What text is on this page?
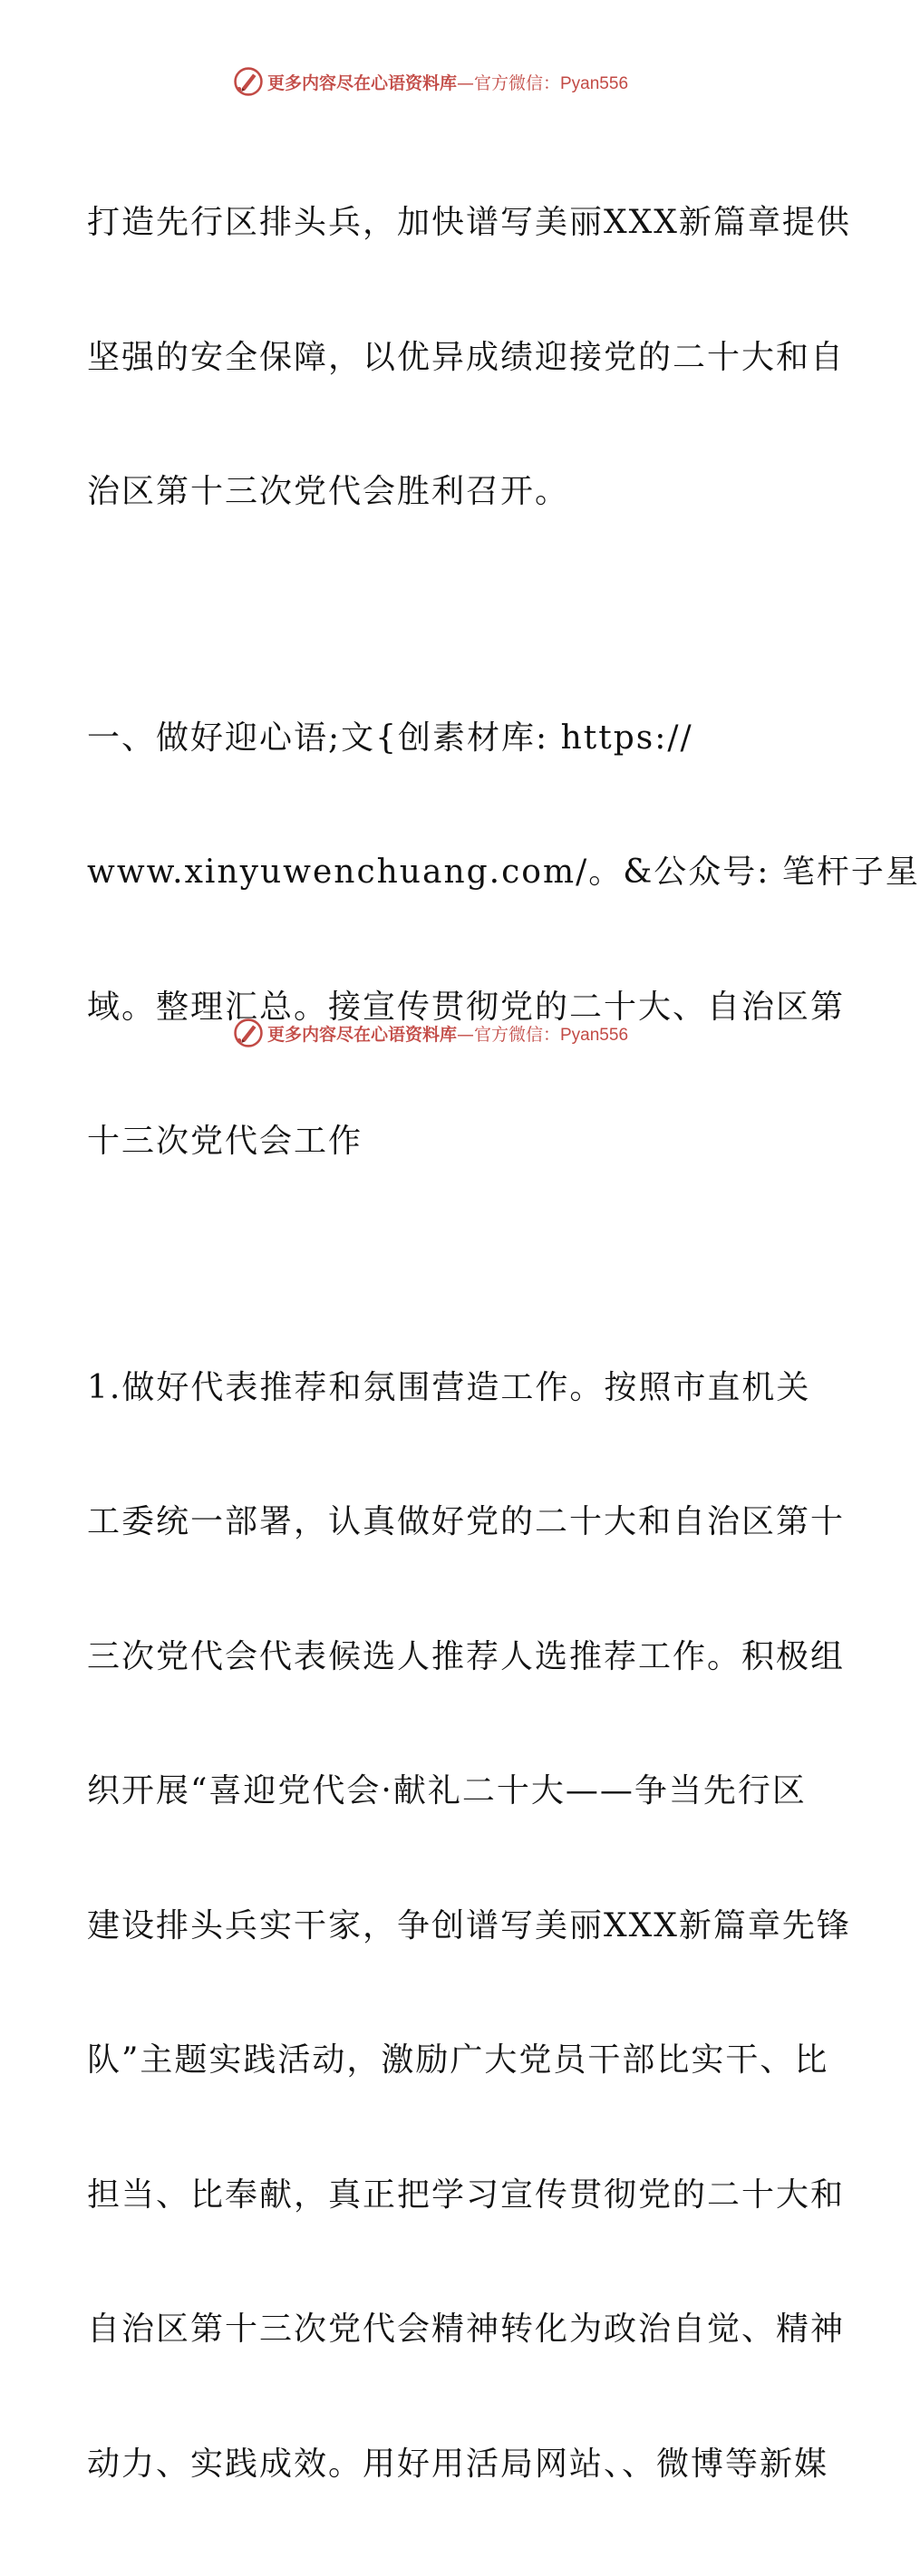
更多内容尽在心语资料库—官方微信：Pyan556

打造先行区排头兵，加快谱写美丽XXX新篇章提供

坚强的安全保障，以优异成绩迎接党的二十大和自

治区第十三次党代会胜利召开。

一、做好迎心语;文{创素材库: https://

www.xinyuwenchuang.com/。&公众号: 笔杆子星

域。整理汇总。接宣传贯彻党的二十大、自治区第

十三次党代会工作

1.做好代表推荐和氛围营造工作。按照市直机关

工委统一部署，认真做好党的二十大和自治区第十

三次党代会代表候选人推荐人选推荐工作。积极组

织开展“喜迎党代会·献礼二十大——争当先行区

建设排头兵实干家，争创谱写美丽XXX新篇章先锋

队”主题实践活动，激励广大党员干部比实干、比

担当、比奉献，真正把学习宣传贯彻党的二十大和

自治区第十三次党代会精神转化为政治自觉、精神

动力、实践成效。用好用活局网站、、微博等新媒

更多内容尽在心语资料库—官方微信：Pyan556
